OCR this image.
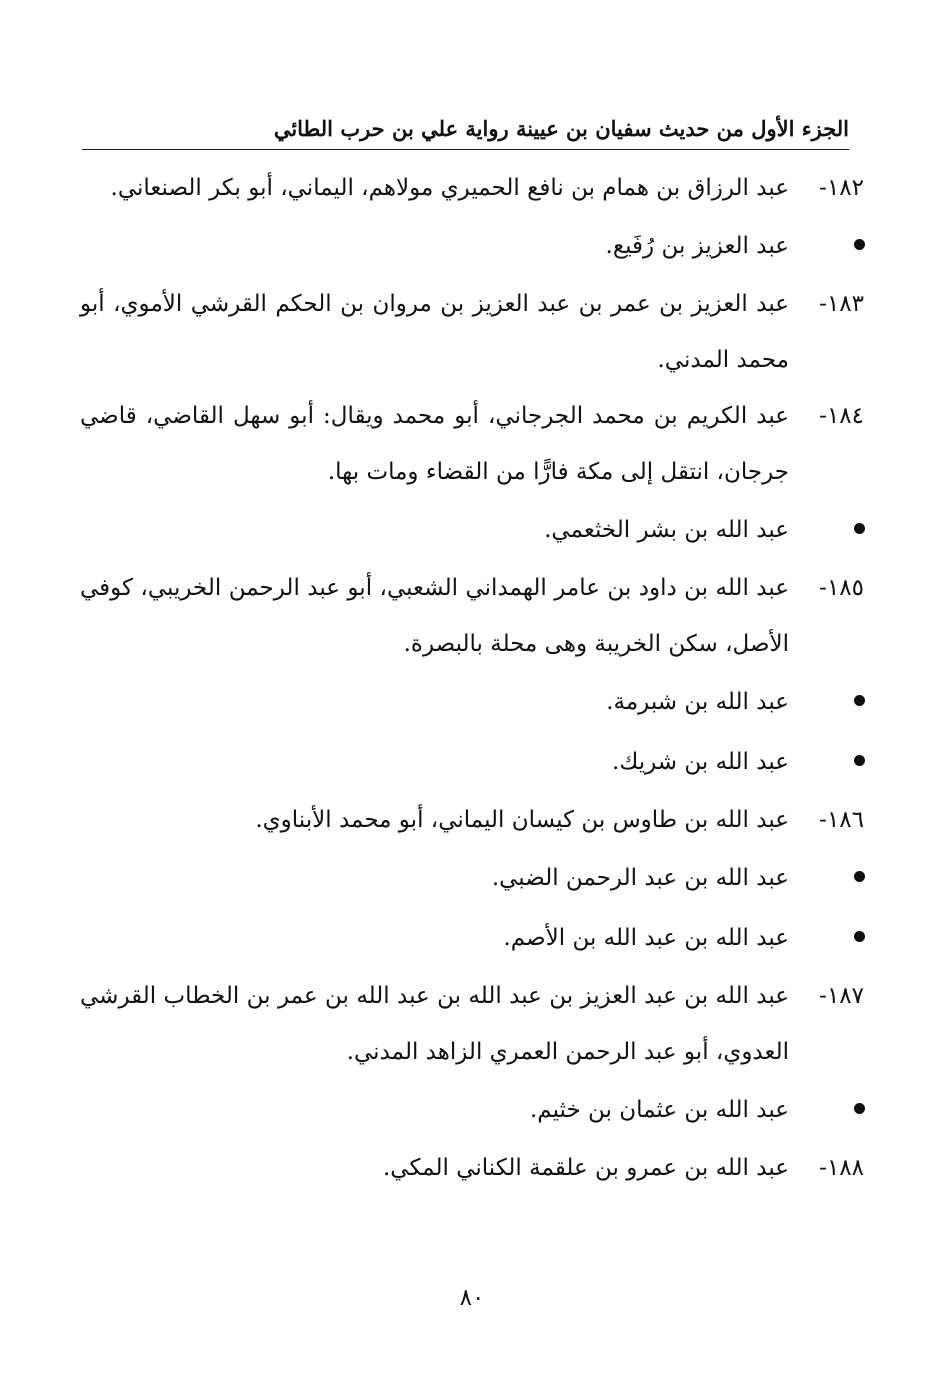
الجزء الأول من حديث سفيان بن عيينة رواية علي بن حرب الطائي
١٨٢-
عبد الرزاق بن همام بن نافع الحميري مولاهم، اليماني، أبو بكر الصنعاني.
عبد العزيز بن رُفَيع.
١٨٣-
عبد العزيز بن عمر بن عبد العزيز بن مروان بن الحكم القرشي الأموي، أبو محمد المدني.
١٨٤-
عبد الكريم بن محمد الجرجاني، أبو محمد ويقال: أبو سهل القاضي، قاضي جرجان، انتقل إلى مكة فارًّا من القضاء ومات بها.
عبد الله بن بشر الخثعمي.
١٨٥-
عبد الله بن داود بن عامر الهمداني الشعبي، أبو عبد الرحمن الخريبي، كوفي الأصل، سكن الخريبة وهى محلة بالبصرة.
عبد الله بن شبرمة.
عبد الله بن شريك.
١٨٦-
عبد الله بن طاوس بن كيسان اليماني، أبو محمد الأبناوي.
عبد الله بن عبد الرحمن الضبي.
عبد الله بن عبد الله بن الأصم.
١٨٧-
عبد الله بن عبد العزيز بن عبد الله بن عبد الله بن عمر بن الخطاب القرشي العدوي، أبو عبد الرحمن العمري الزاهد المدني.
عبد الله بن عثمان بن خثيم.
١٨٨-
عبد الله بن عمرو بن علقمة الكناني المكي.
٨٠
